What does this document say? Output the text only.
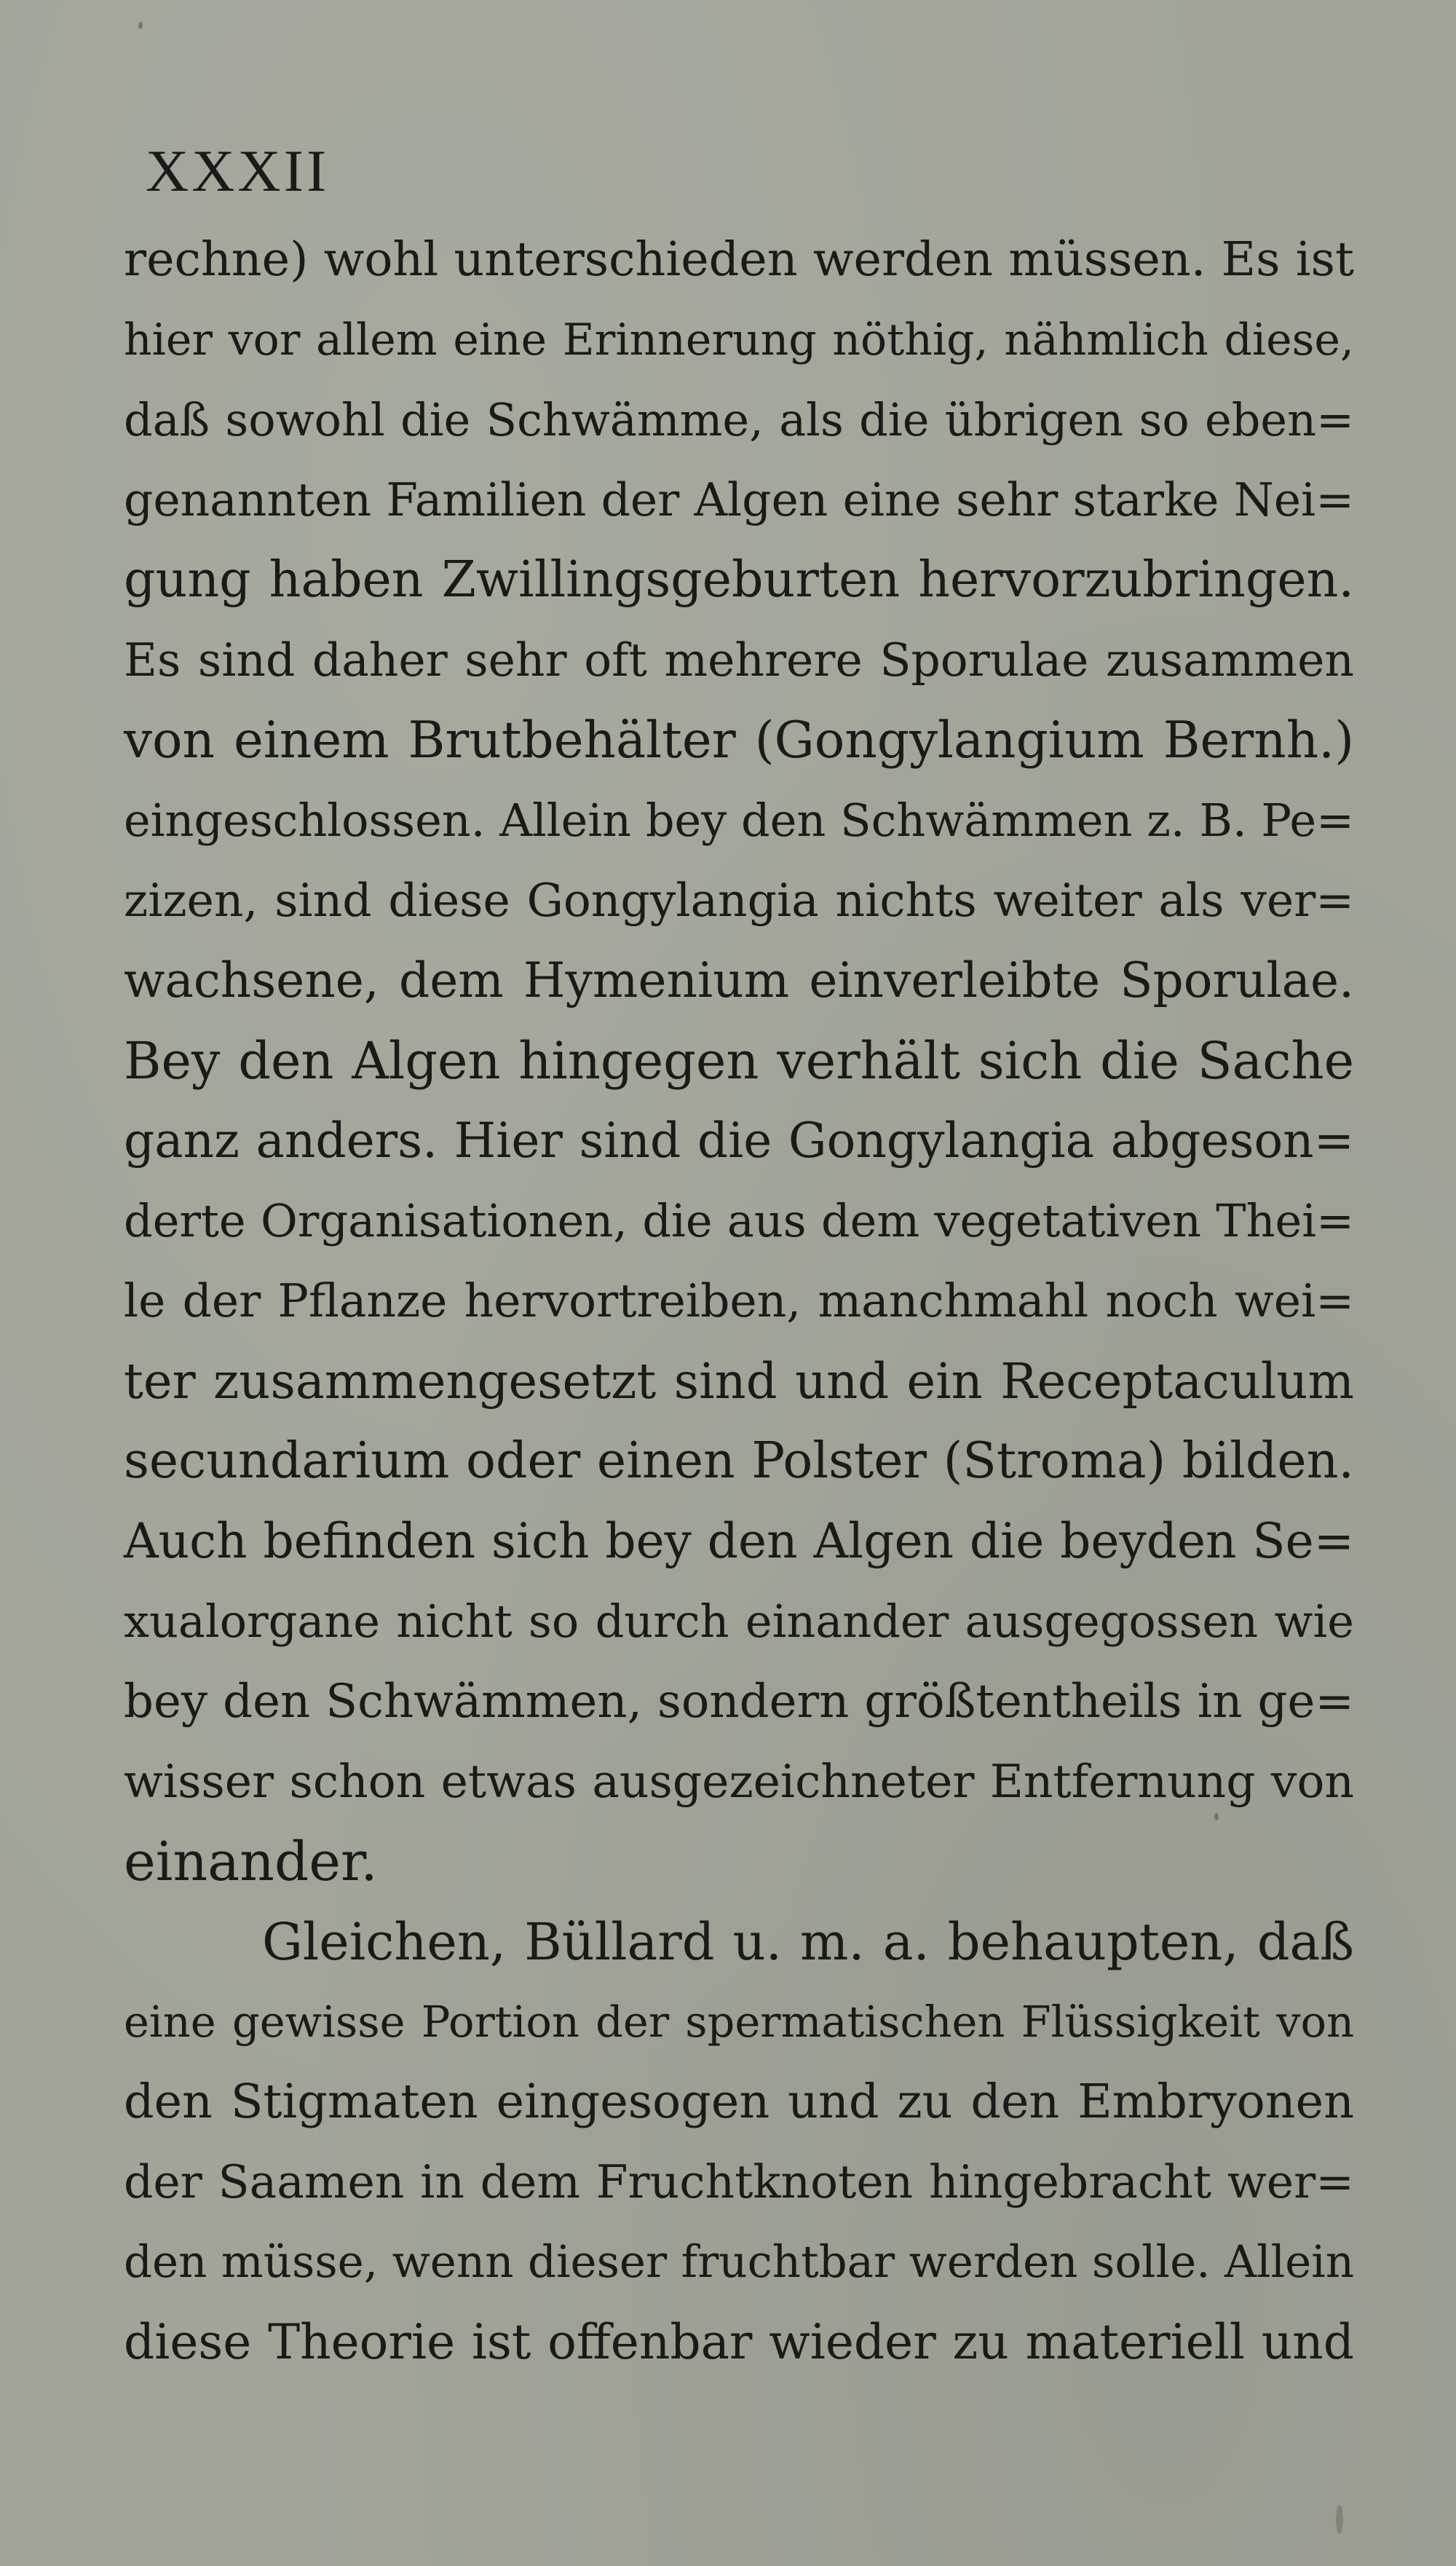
XXXII
rechne) wohl unterschieden werden müssen. Es ist
hier vor allem eine Erinnerung nöthig, nähmlich diese,
daß sowohl die Schwämme, als die übrigen so eben=
genannten Familien der Algen eine sehr starke Nei=
gung haben Zwillingsgeburten hervorzubringen.
Es sind daher sehr oft mehrere Sporulae zusammen
von einem Brutbehälter (Gongylangium Bernh.)
eingeschlossen. Allein bey den Schwämmen z. B. Pe=
zizen, sind diese Gongylangia nichts weiter als ver=
wachsene, dem Hymenium einverleibte Sporulae.
Bey den Algen hingegen verhält sich die Sache
ganz anders. Hier sind die Gongylangia abgeson=
derte Organisationen, die aus dem vegetativen Thei=
le der Pflanze hervortreiben, manchmahl noch wei=
ter zusammengesetzt sind und ein Receptaculum
secundarium oder einen Polster (Stroma) bilden.
Auch befinden sich bey den Algen die beyden Se=
xualorgane nicht so durch einander ausgegossen wie
bey den Schwämmen, sondern größtentheils in ge=
wisser schon etwas ausgezeichneter Entfernung von
einander.
Gleichen, Büllard u. m. a. behaupten, daß
eine gewisse Portion der spermatischen Flüssigkeit von
den Stigmaten eingesogen und zu den Embryonen
der Saamen in dem Fruchtknoten hingebracht wer=
den müsse, wenn dieser fruchtbar werden solle. Allein
diese Theorie ist offenbar wieder zu materiell und
